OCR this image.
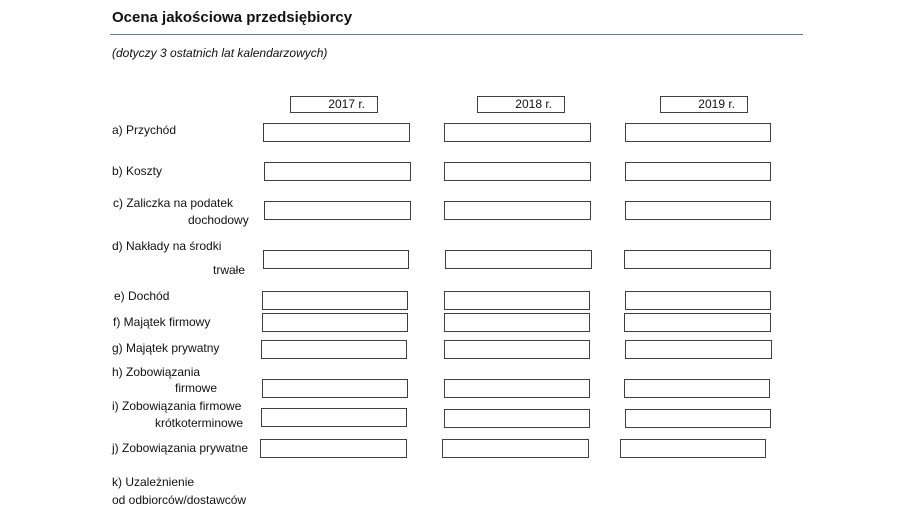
Ocena jakościowa przedsiębiorcy
(dotyczy 3 ostatnich lat kalendarzowych)
2017 r.	2018 r.	2019 r.
a) Przychód
b) Koszty
c) Zaliczka na podatek
dochodowy
d) Nakłady na środki
trwałe
e) Dochód
f) Majątek firmowy
g) Majątek prywatny
h) Zobowiązania
firmowe
i) Zobowiązania firmowe
krótkoterminowe
j) Zobowiązania prywatne
k) Uzależnienie
od odbiorców/dostawców
